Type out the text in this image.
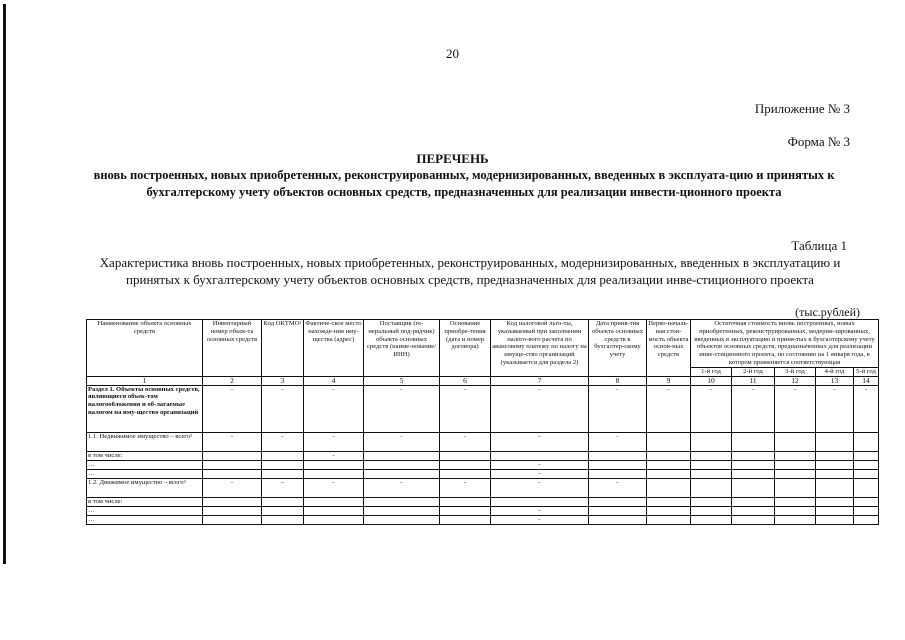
20
Приложение № 3
Форма № 3
ПЕРЕЧЕНЬ
вновь построенных, новых приобретенных, реконструированных, модернизированных, введенных в эксплуата-цию и принятых к бухгалтерскому учету объектов основных средств, предназначенных для реализации инвести-ционного проекта
Таблица 1
Характеристика вновь построенных, новых приобретенных, реконструированных, модернизированных, введенных в эксплуатацию и принятых к бухгалтерскому учету объектов основных средств, предназначенных для реализации инве-стиционного проекта
(тыс.рублей)
Наименование объекта основных средств	Инвентарный номер объек-та основных средств	Код ОКТМО¹	Фактиче-ское место нахожде-ния иму-щества (адрес)	Поставщик (ге-неральный под-рядчик) объекта основных средств (наиме-нование/ИНН)	Основание приобре-тения (дата и номер договора)	Код налоговой льго-ты, указываемый при заполнении налого-вого расчета по авансовому платежу по налогу на имуще-ство организаций (указывается для раздела 2)	Дата приня-тия объекта основных средств к бухгалтер-скому учету	Перво-началь-ная стои-мость объекта основ-ных средств	Остаточная стоимость вновь построенных, новых приобретенных, реконструированных, модерни-зированных, введенных в эксплуатацию и приня-тых к бухгалтерскому учету объектов основных средств, предназначенных для реализации инве-стиционного проекта, по состоянию на 1 января года, в котором применяется соответствующая				
									1-й год	2-й год	3-й год	4-й год	5-й год
1	2	3	4	5	6	7	8	9	10	11	12	13	14
Раздел 1. Объекты основных средств, являющиеся объек-том налогообложения и об-лагаемые налогом на иму-щество организаций	-	-	-	-	-	-	-	-	-	-	-	-	-
1.1. Недвижимое имущество – всего²	-	-	-	-	-	-	-						
в том числе:			-										
…						-							
…						-							
1.2. Движимое имущество – всего²	-	-	-	-	-	-	-						
в том числе:													
…						-							
…						-							
